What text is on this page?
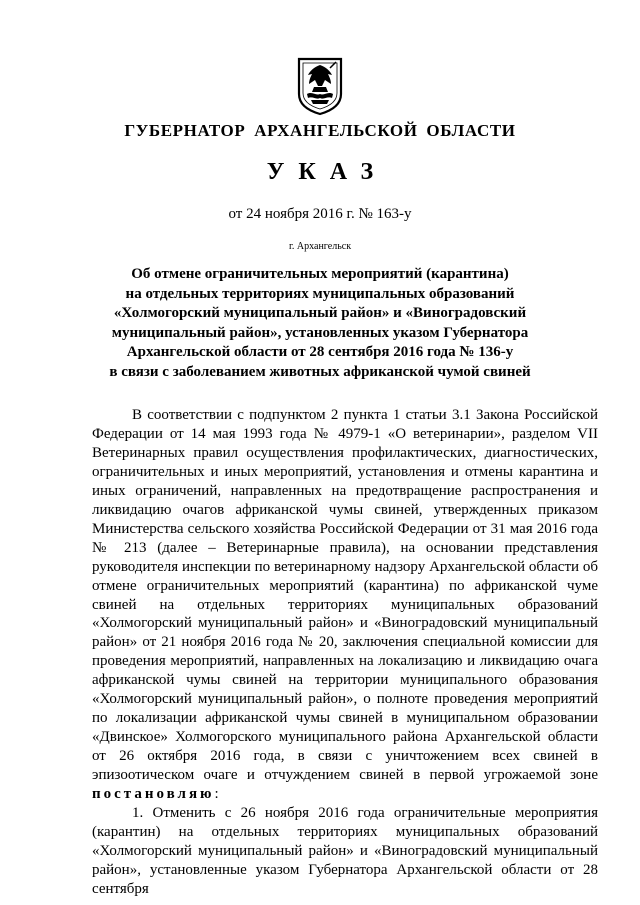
ГУБЕРНАТОР АРХАНГЕЛЬСКОЙ ОБЛАСТИ
УКАЗ
от 24 ноября 2016 г. № 163-у
г. Архангельск
Об отмене ограничительных мероприятий (карантина)
на отдельных территориях муниципальных образований
«Холмогорский муниципальный район» и «Виноградовский
муниципальный район», установленных указом Губернатора
Архангельской области от 28 сентября 2016 года № 136-у
в связи с заболеванием животных африканской чумой свиней

В соответствии с подпунктом 2 пункта 1 статьи 3.1 Закона Российской Федерации от 14 мая 1993 года № 4979-1 «О ветеринарии», разделом VII Ветеринарных правил осуществления профилактических, диагностических, ограничительных и иных мероприятий, установления и отмены карантина и иных ограничений, направленных на предотвращение распространения и ликвидацию очагов африканской чумы свиней, утвержденных приказом Министерства сельского хозяйства Российской Федерации от 31 мая 2016 года № 213 (далее – Ветеринарные правила), на основании представления руководителя инспекции по ветеринарному надзору Архангельской области об отмене ограничительных мероприятий (карантина) по африканской чуме свиней на отдельных территориях муниципальных образований «Холмогорский муниципальный район» и «Виноградовский муниципальный район» от 21 ноября 2016 года № 20, заключения специальной комиссии для проведения мероприятий, направленных на локализацию и ликвидацию очага африканской чумы свиней на территории муниципального образования «Холмогорский муниципальный район», о полноте проведения мероприятий по локализации африканской чумы свиней в муниципальном образовании «Двинское» Холмогорского муниципального района Архангельской области от 26 октября 2016 года, в связи с уничтожением всех свиней в эпизоотическом очаге и отчуждением свиней в первой угрожаемой зоне постановляю:

1. Отменить с 26 ноября 2016 года ограничительные мероприятия (карантин) на отдельных территориях муниципальных образований «Холмогорский муниципальный район» и «Виноградовский муниципальный район», установленные указом Губернатора Архангельской области от 28 сентября
